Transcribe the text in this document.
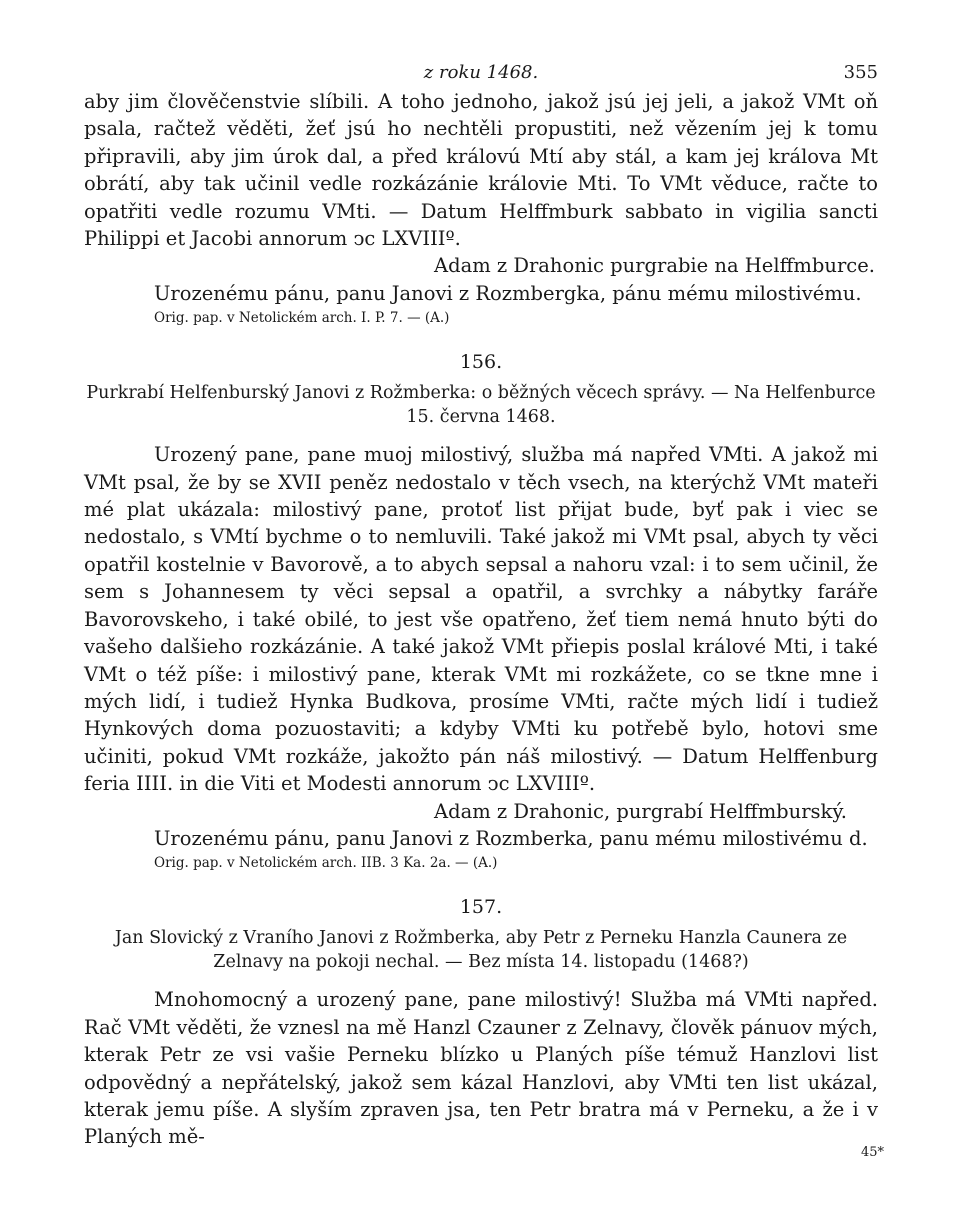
z roku 1468.	355

aby jim člověčenstvie slíbili. A toho jednoho, jakož jsú jej jeli, a jakož VMt oň psala, račtež věděti, žeť jsú ho nechtěli propustiti, než vězením jej k tomu připravili, aby jim úrok dal, a před královú Mtí aby stál, a kam jej králova Mt obrátí, aby tak učinil vedle rozkázánie královie Mti. To VMt věduce, račte to opatřiti vedle rozumu VMti. — Datum Helffmburk sabbato in vigilia sancti Philippi et Jacobi annorum ↄc LXVIIIº.

Adam z Drahonic purgrabie na Helffmburce.

Urozenému pánu, panu Janovi z Rozmbergka, pánu mému milostivému.

Orig. pap. v Netolickém arch. I. P. 7. — (A.)

156.

Purkrabí Helfenburský Janovi z Rožmberka: o běžných věcech správy. — Na Helfenburce 15. června 1468.

Urozený pane, pane muoj milostivý, služba má napřed VMti. A jakož mi VMt psal, že by se XVII peněz nedostalo v těch vsech, na kterýchž VMt mateři mé plat ukázala: milostivý pane, protoť list přijat bude, byť pak i viec se nedostalo, s VMtí bychme o to nemluvili. Také jakož mi VMt psal, abych ty věci opatřil kostelnie v Bavorově, a to abych sepsal a nahoru vzal: i to sem učinil, že sem s Johannesem ty věci sepsal a opatřil, a svrchky a nábytky faráře Bavorovskeho, i také obilé, to jest vše opatřeno, žeť tiem nemá hnuto býti do vašeho dalšieho rozkázánie. A také jakož VMt přiepis poslal králové Mti, i také VMt o též píše: i milostivý pane, kterak VMt mi rozkážete, co se tkne mne i mých lidí, i tudiež Hynka Budkova, prosíme VMti, račte mých lidí i tudiež Hynkových doma pozuostaviti; a kdyby VMti ku potřebě bylo, hotovi sme učiniti, pokud VMt rozkáže, jakožto pán náš milostivý. — Datum Helffenburg feria IIII. in die Viti et Modesti annorum ↄc LXVIIIº.

Adam z Drahonic, purgrabí Helffmburský.

Urozenému pánu, panu Janovi z Rozmberka, panu mému milostivému d.

Orig. pap. v Netolickém arch. IIB. 3 Ka. 2a. — (A.)

157.

Jan Slovický z Vraního Janovi z Rožmberka, aby Petr z Perneku Hanzla Caunera ze Zelnavy na pokoji nechal. — Bez místa 14. listopadu (1468?)

Mnohomocný a urozený pane, pane milostivý! Služba má VMti napřed. Rač VMt věděti, že vznesl na mě Hanzl Czauner z Zelnavy, člověk pánuov mých, kterak Petr ze vsi vašie Perneku blízko u Planých píše témuž Hanzlovi list odpovědný a nepřátelský, jakož sem kázal Hanzlovi, aby VMti ten list ukázal, kterak jemu píše. A slyším zpraven jsa, ten Petr bratra má v Perneku, a že i v Planých mě-

45*
